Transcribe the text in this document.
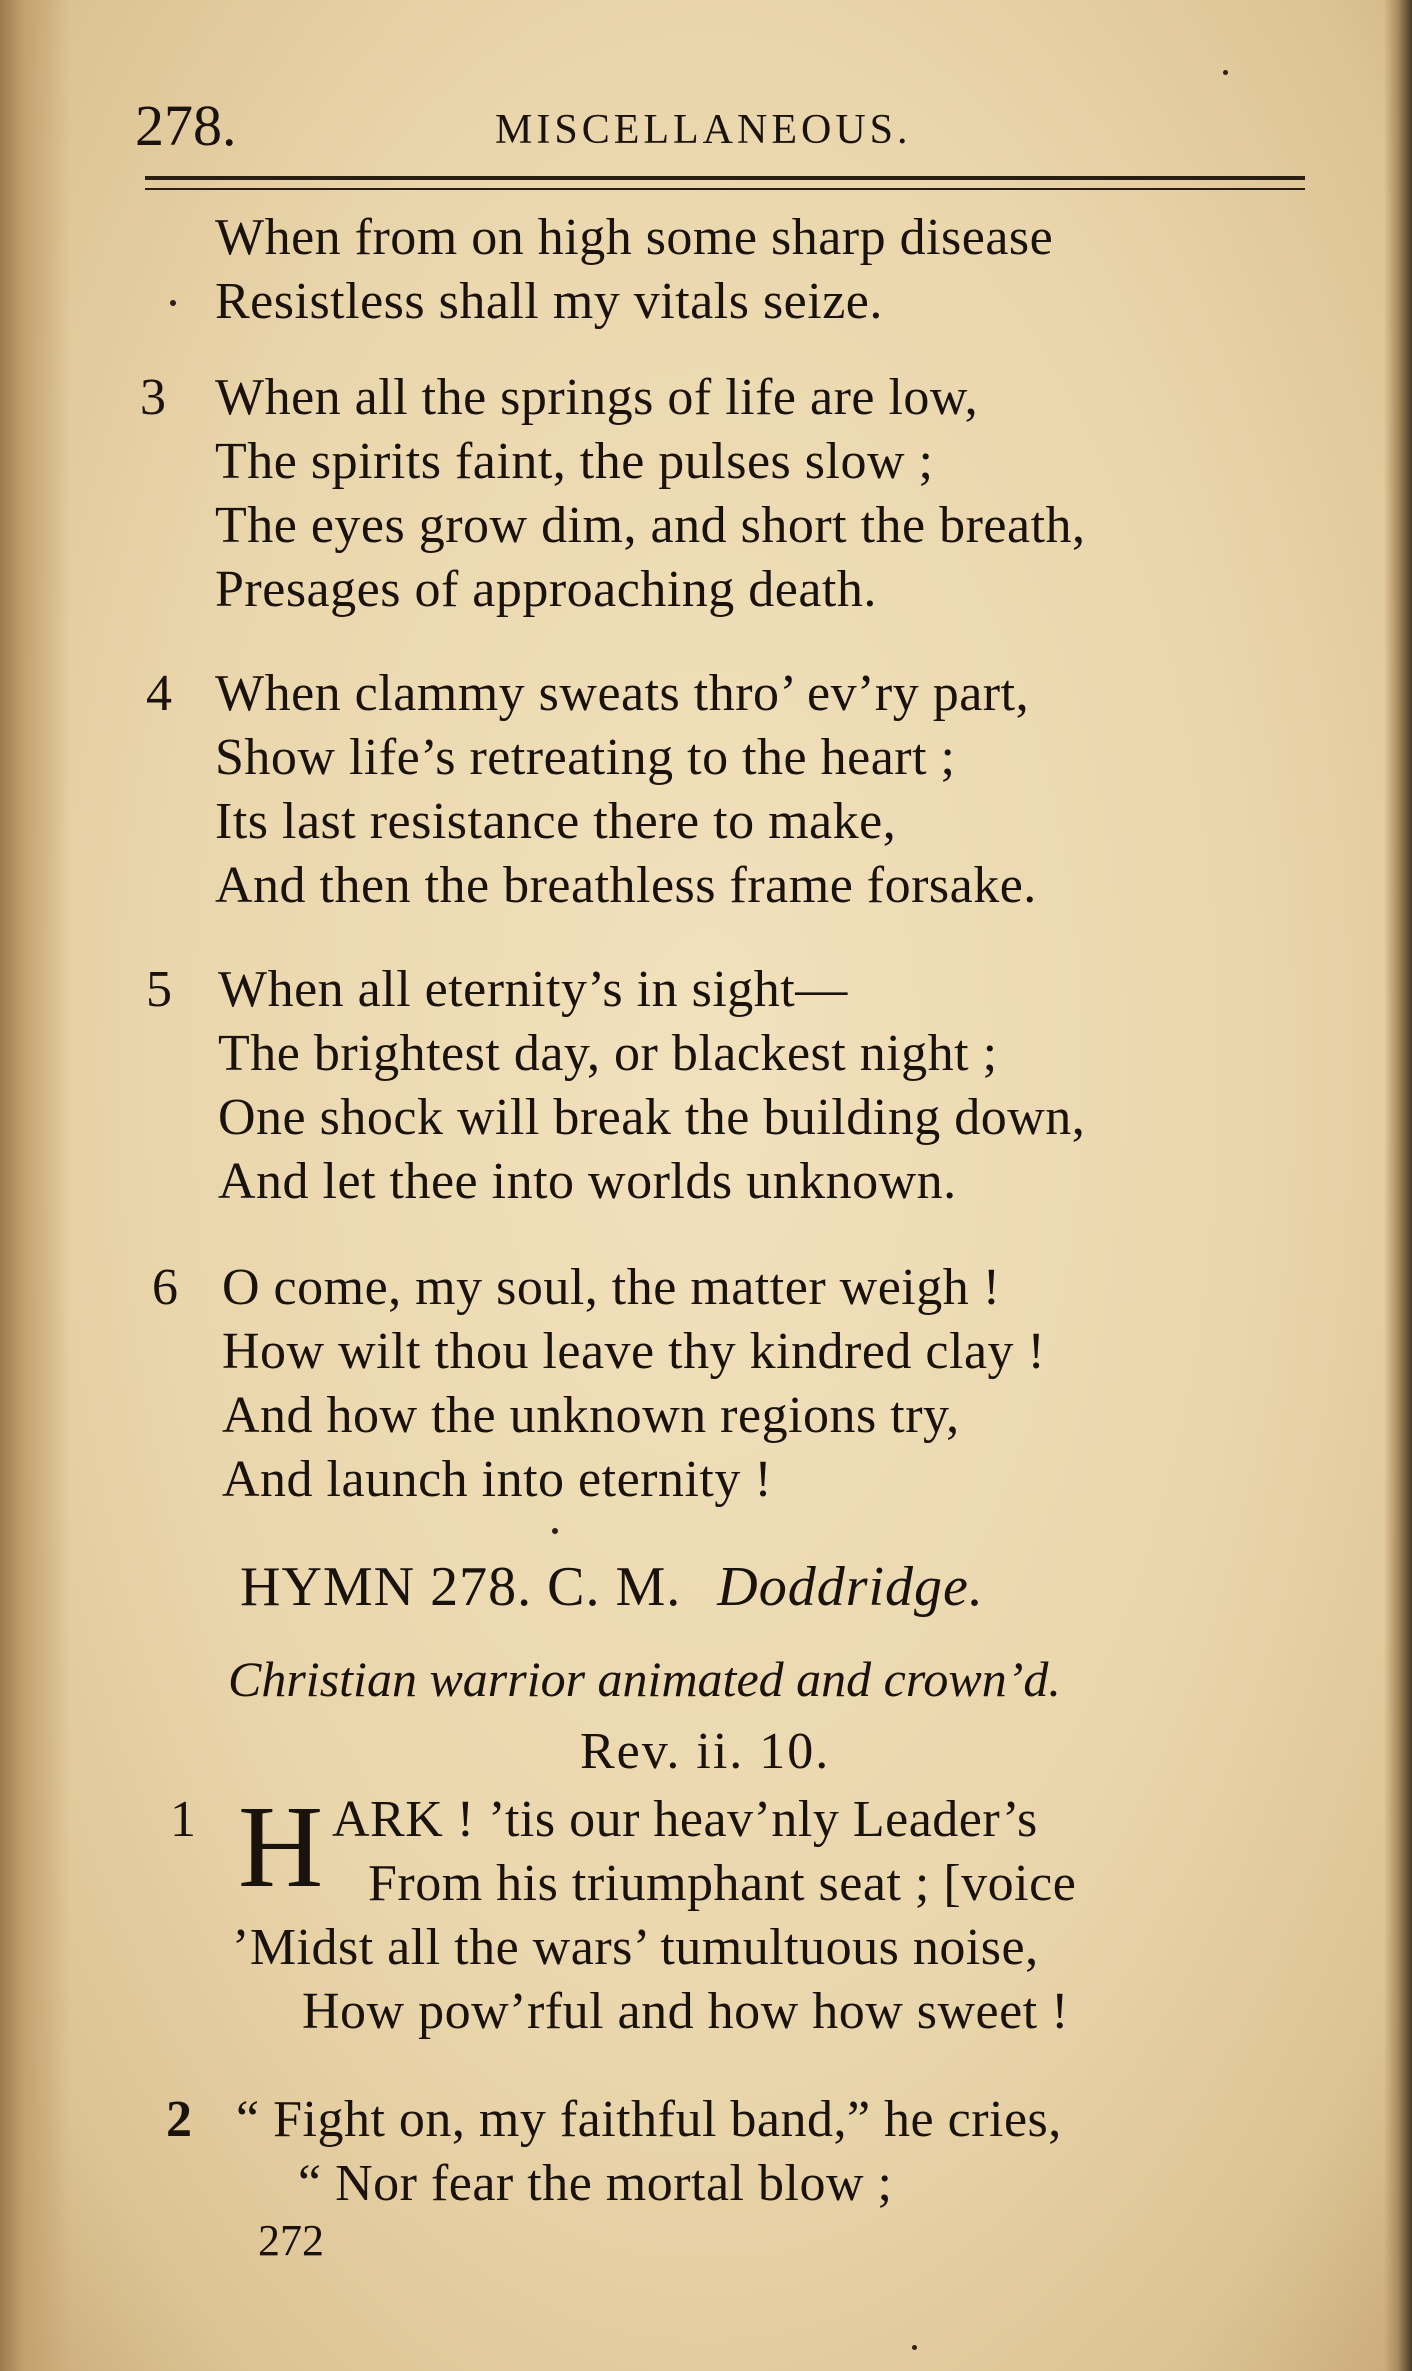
278.	MISCELLANEOUS.
When from on high some sharp disease
Resistless shall my vitals seize.
3 When all the springs of life are low,
The spirits faint, the pulses slow ;
The eyes grow dim, and short the breath,
Presages of approaching death.
4 When clammy sweats thro’ ev’ry part,
Show life’s retreating to the heart ;
Its last resistance there to make,
And then the breathless frame forsake.
5 When all eternity’s in sight—
The brightest day, or blackest night ;
One shock will break the building down,
And let thee into worlds unknown.
6 O come, my soul, the matter weigh !
How wilt thou leave thy kindred clay !
And how the unknown regions try,
And launch into eternity !
HYMN 278. C. M. Doddridge.
Christian warrior animated and crown’d.
Rev. ii. 10.
1 H ARK ! ’tis our heav’nly Leader’s
From his triumphant seat ; [voice
’Midst all the wars’ tumultuous noise,
How pow’rful and how how sweet !
2 “ Fight on, my faithful band,” he cries,
“ Nor fear the mortal blow ;
272
